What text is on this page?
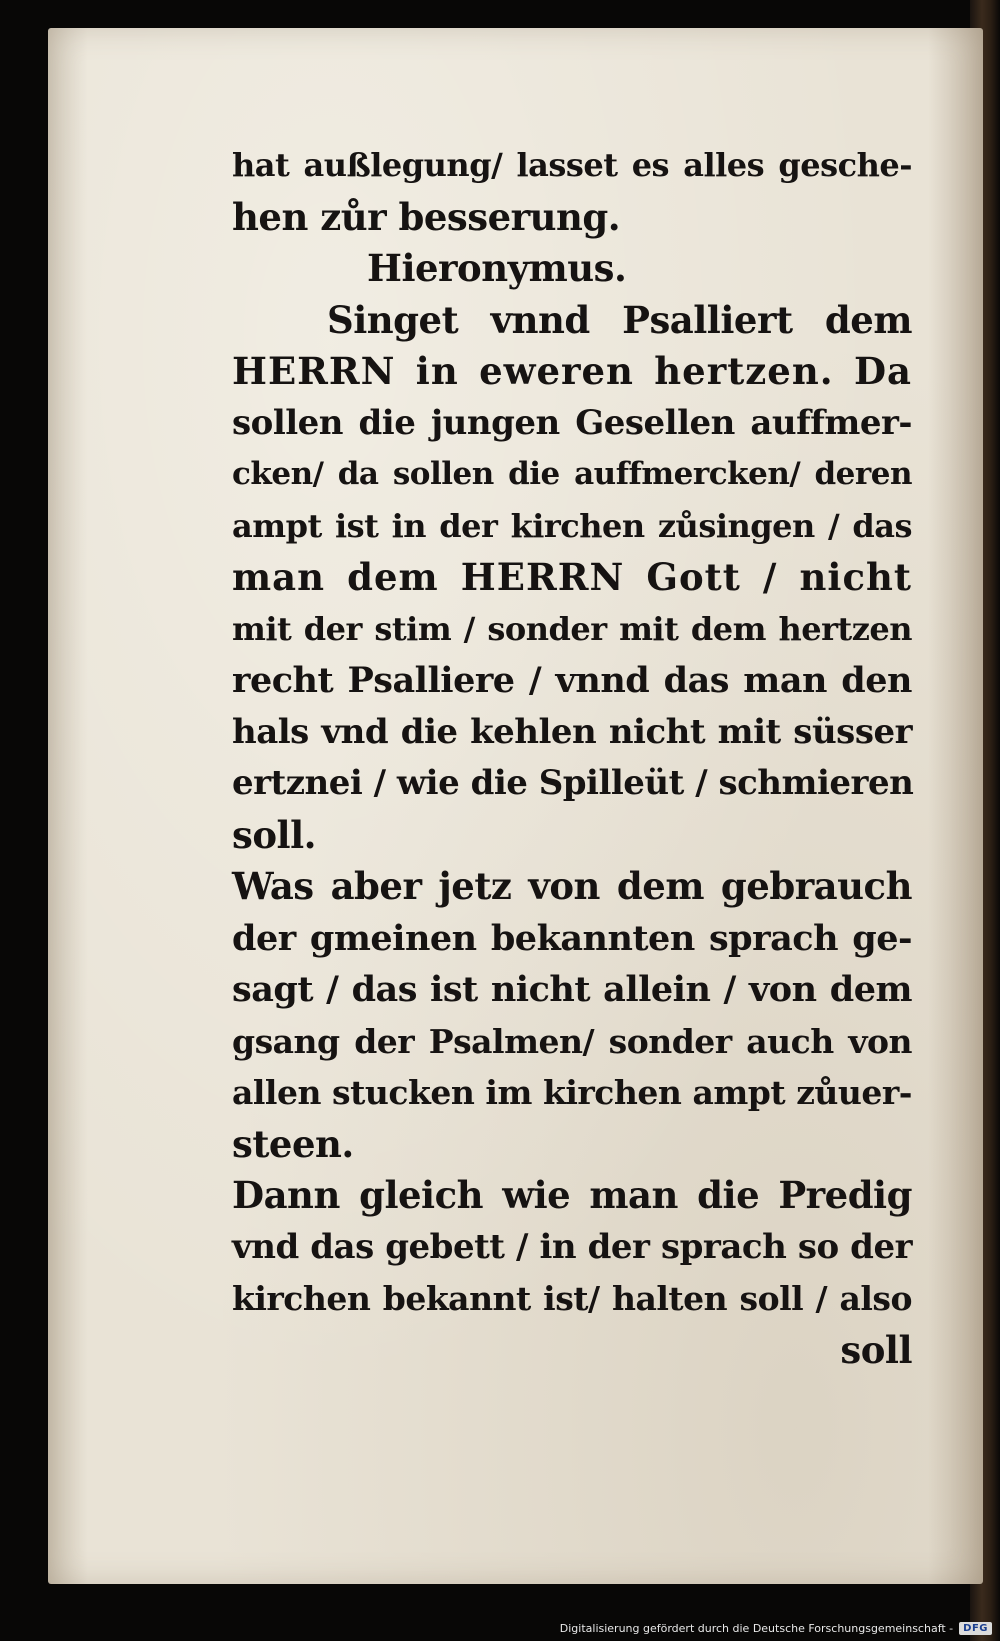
hat außlegung/ lasset es alles gesche-
hen zůr besserung.
Hieronymus.
Singet vnnd Psalliert dem
HERRN in eweren hertzen. Da
sollen die jungen Gesellen auffmer-
cken/ da sollen die auffmercken/ deren
ampt ist in der kirchen zůsingen / das
man dem HERRN Gott / nicht
mit der stim / sonder mit dem hertzen
recht Psalliere / vnnd das man den
hals vnd die kehlen nicht mit süsser
ertznei / wie die Spilleüt / schmieren
soll.
Was aber jetz von dem gebrauch
der gmeinen bekannten sprach ge-
sagt / das ist nicht allein / von dem
gsang der Psalmen/ sonder auch von
allen stucken im kirchen ampt zůuer-
steen.
Dann gleich wie man die Predig
vnd das gebett / in der sprach so der
kirchen bekannt ist/ halten soll / also
soll
Digitalisierung gefördert durch die Deutsche Forschungsgemeinschaft -	DFG
